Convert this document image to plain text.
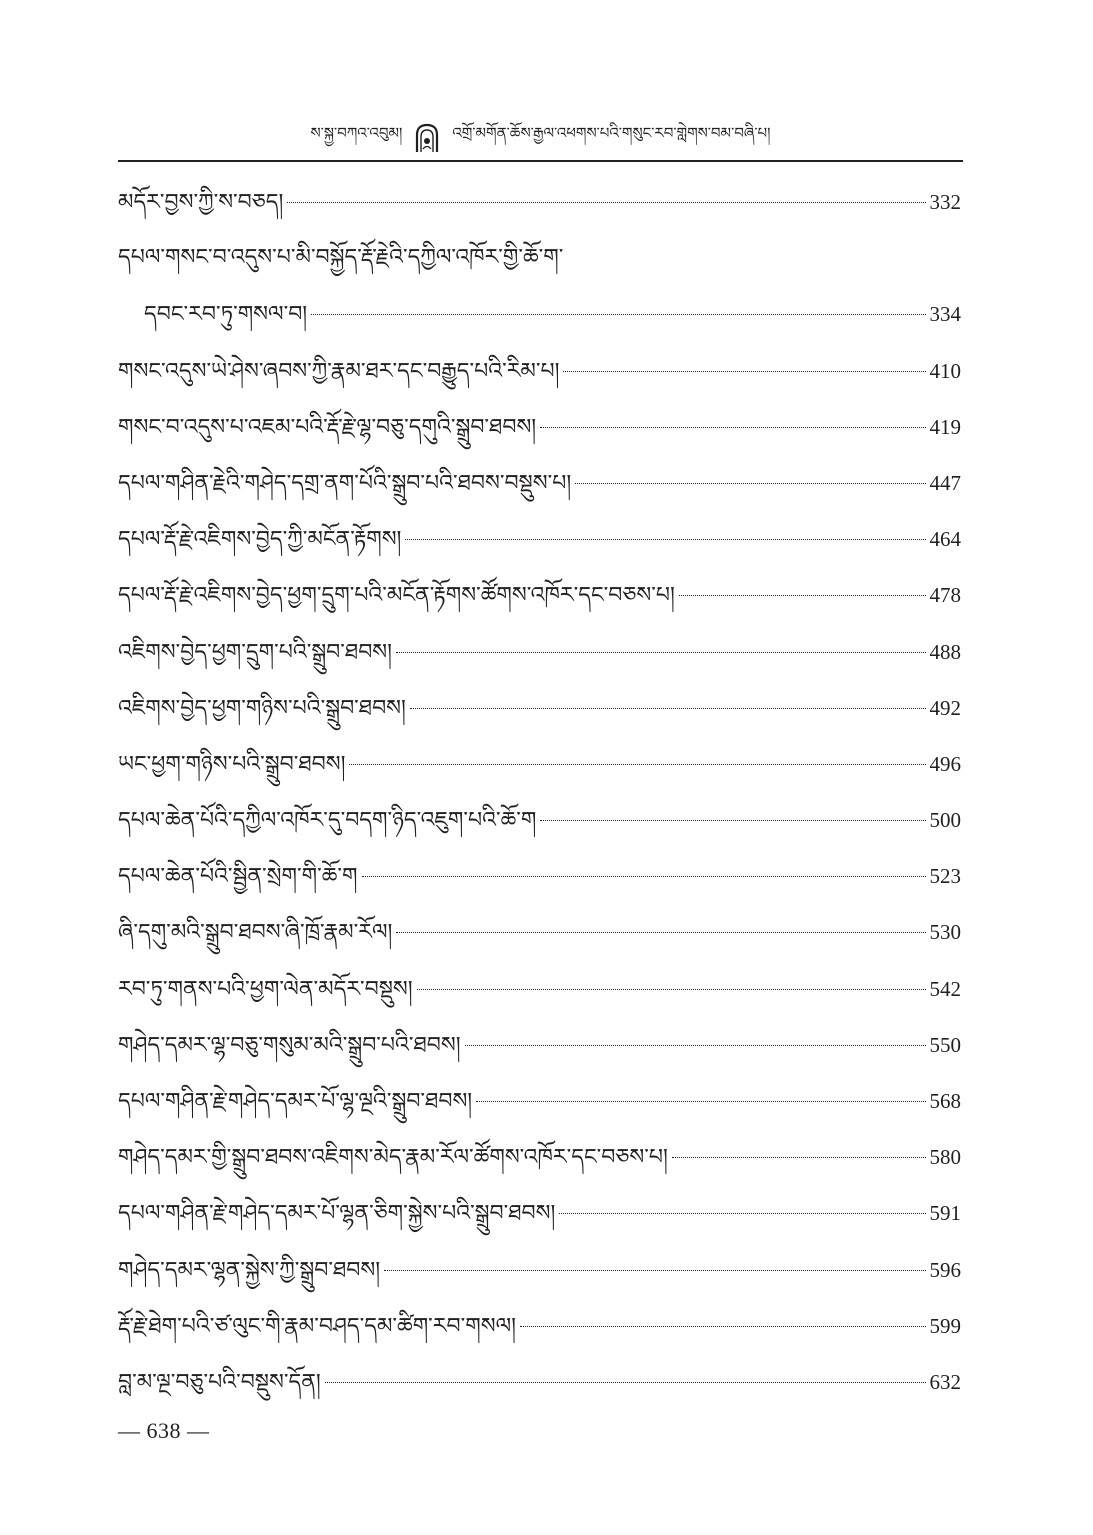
ས་སྐྱ་བཀའ་འབུམ།	འགྲོ་མགོན་ཆོས་རྒྱལ་འཕགས་པའི་གསུང་རབ་གླེགས་བམ་བཞི་པ།
མདོར་བྱས་ཀྱི་ས་བཅད།	332
དཔལ་གསང་བ་འདུས་པ་མི་བསྐྱོད་རྡོ་རྗེའི་དཀྱིལ་འཁོར་གྱི་ཆོ་ག་
དབང་རབ་ཏུ་གསལ་བ།	334
གསང་འདུས་ཡེ་ཤེས་ཞབས་ཀྱི་རྣམ་ཐར་དང་བརྒྱུད་པའི་རིམ་པ།	410
གསང་བ་འདུས་པ་འཇམ་པའི་རྡོ་རྗེ་ལྷ་བཅུ་དགུའི་སྒྲུབ་ཐབས།	419
དཔལ་གཤིན་རྗེའི་གཤེད་དགྲ་ནག་པོའི་སྒྲུབ་པའི་ཐབས་བསྡུས་པ།	447
དཔལ་རྡོ་རྗེ་འཇིགས་བྱེད་ཀྱི་མངོན་རྟོགས།	464
དཔལ་རྡོ་རྗེ་འཇིགས་བྱེད་ཕྱག་དྲུག་པའི་མངོན་རྟོགས་ཚོགས་འཁོར་དང་བཅས་པ།	478
འཇིགས་བྱེད་ཕྱག་དྲུག་པའི་སྒྲུབ་ཐབས།	488
འཇིགས་བྱེད་ཕྱག་གཉིས་པའི་སྒྲུབ་ཐབས།	492
ཡང་ཕྱག་གཉིས་པའི་སྒྲུབ་ཐབས།	496
དཔལ་ཆེན་པོའི་དཀྱིལ་འཁོར་དུ་བདག་ཉིད་འཇུག་པའི་ཆོ་ག	500
དཔལ་ཆེན་པོའི་སྦྱིན་སྲེག་གི་ཆོ་ག	523
ཞི་དགུ་མའི་སྒྲུབ་ཐབས་ཞི་ཁྲོ་རྣམ་རོལ།	530
རབ་ཏུ་གནས་པའི་ཕྱག་ལེན་མདོར་བསྡུས།	542
གཤེད་དམར་ལྷ་བཅུ་གསུམ་མའི་སྒྲུབ་པའི་ཐབས།	550
དཔལ་གཤིན་རྗེ་གཤེད་དམར་པོ་ལྷ་ལྔའི་སྒྲུབ་ཐབས།	568
གཤེད་དམར་གྱི་སྒྲུབ་ཐབས་འཇིགས་མེད་རྣམ་རོལ་ཚོགས་འཁོར་དང་བཅས་པ།	580
དཔལ་གཤིན་རྗེ་གཤེད་དམར་པོ་ལྷན་ཅིག་སྐྱེས་པའི་སྒྲུབ་ཐབས།	591
གཤེད་དམར་ལྷན་སྐྱེས་ཀྱི་སྒྲུབ་ཐབས།	596
རྡོ་རྗེ་ཐེག་པའི་ཙ་ལུང་གི་རྣམ་བཤད་དམ་ཚིག་རབ་གསལ།	599
བླ་མ་ལྔ་བཅུ་པའི་བསྡུས་དོན།	632
— 638 —
